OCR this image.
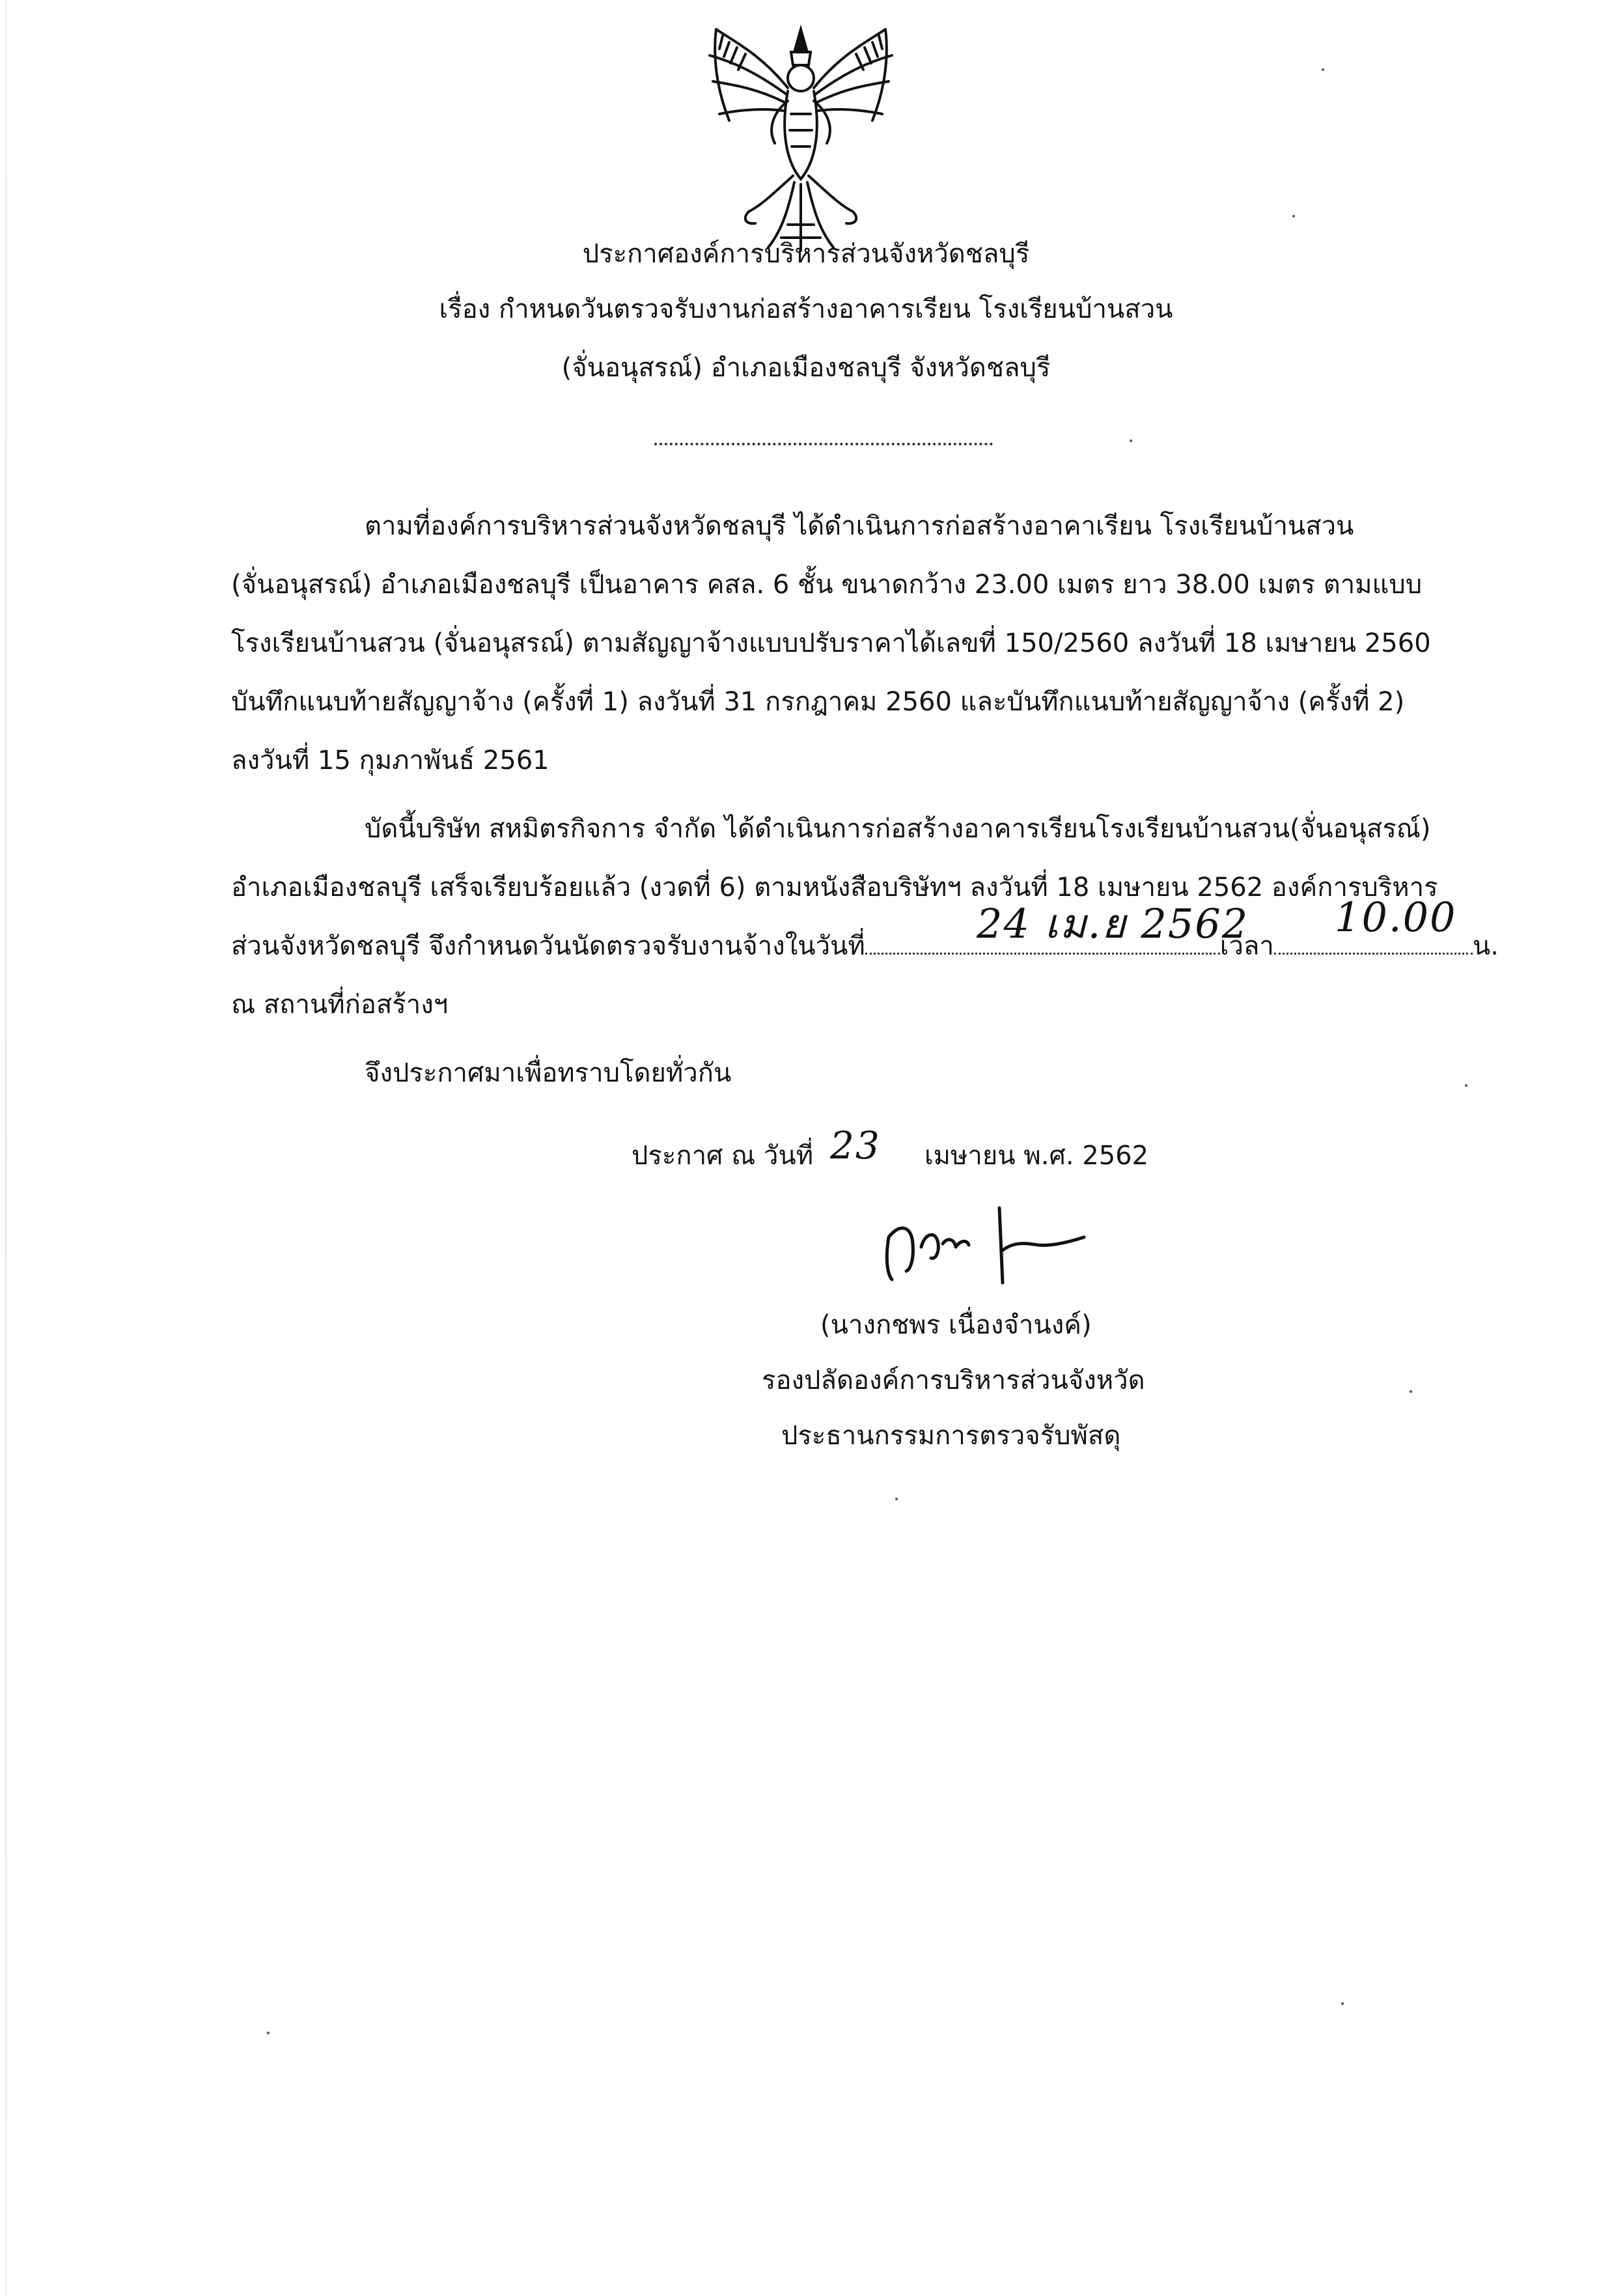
ประกาศองค์การบริหารส่วนจังหวัดชลบุรี
เรื่อง กำหนดวันตรวจรับงานก่อสร้างอาคารเรียน โรงเรียนบ้านสวน
(จั่นอนุสรณ์) อำเภอเมืองชลบุรี จังหวัดชลบุรี
ตามที่องค์การบริหารส่วนจังหวัดชลบุรี ได้ดำเนินการก่อสร้างอาคาเรียน โรงเรียนบ้านสวน
(จั่นอนุสรณ์) อำเภอเมืองชลบุรี เป็นอาคาร คสล. 6 ชั้น ขนาดกว้าง 23.00 เมตร ยาว 38.00 เมตร ตามแบบ
โรงเรียนบ้านสวน (จั่นอนุสรณ์) ตามสัญญาจ้างแบบปรับราคาได้เลขที่ 150/2560 ลงวันที่ 18 เมษายน 2560
บันทึกแนบท้ายสัญญาจ้าง (ครั้งที่ 1) ลงวันที่ 31 กรกฎาคม 2560 และบันทึกแนบท้ายสัญญาจ้าง (ครั้งที่ 2)
ลงวันที่ 15 กุมภาพันธ์ 2561
บัดนี้บริษัท สหมิตรกิจการ จำกัด ได้ดำเนินการก่อสร้างอาคารเรียนโรงเรียนบ้านสวน(จั่นอนุสรณ์)
อำเภอเมืองชลบุรี เสร็จเรียบร้อยแล้ว (งวดที่ 6) ตามหนังสือบริษัทฯ ลงวันที่ 18 เมษายน 2562 องค์การบริหาร
ส่วนจังหวัดชลบุรี จึงกำหนดวันนัดตรวจรับงานจ้างในวันที่	เวลา	น.
24 เม.ย 2562 10.00
ณ สถานที่ก่อสร้างฯ
จึงประกาศมาเพื่อทราบโดยทั่วกัน
ประกาศ ณ วันที่ 23 เมษายน พ.ศ. 2562
(นางกชพร เนื่องจำนงค์)
รองปลัดองค์การบริหารส่วนจังหวัด
ประธานกรรมการตรวจรับพัสดุ
